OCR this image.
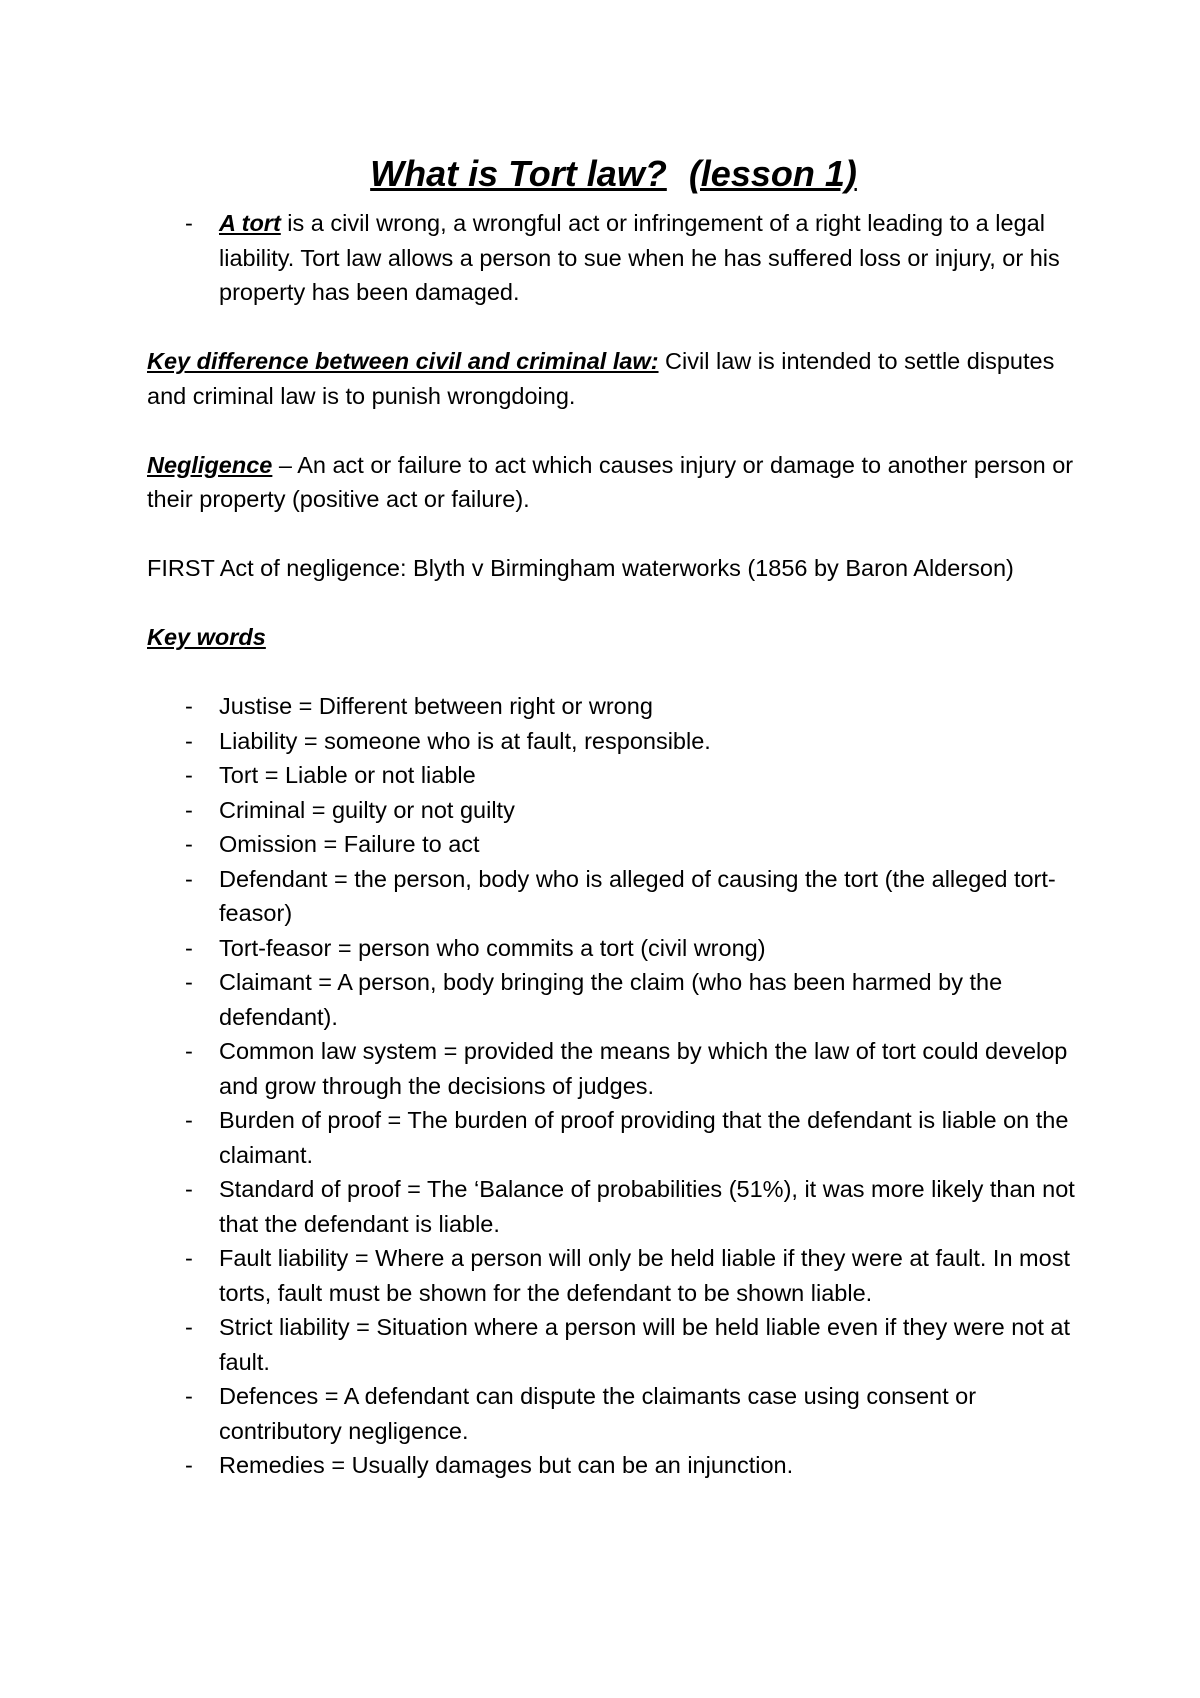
What is Tort law? (lesson 1)
- A tort is a civil wrong, a wrongful act or infringement of a right leading to a legal liability. Tort law allows a person to sue when he has suffered loss or injury, or his property has been damaged.

Key difference between civil and criminal law: Civil law is intended to settle disputes and criminal law is to punish wrongdoing.

Negligence – An act or failure to act which causes injury or damage to another person or their property (positive act or failure).

FIRST Act of negligence: Blyth v Birmingham waterworks (1856 by Baron Alderson)

Key words

- Justise = Different between right or wrong
- Liability = someone who is at fault, responsible.
- Tort = Liable or not liable
- Criminal = guilty or not guilty
- Omission = Failure to act
- Defendant = the person, body who is alleged of causing the tort (the alleged tort-feasor)
- Tort-feasor = person who commits a tort (civil wrong)
- Claimant = A person, body bringing the claim (who has been harmed by the defendant).
- Common law system = provided the means by which the law of tort could develop and grow through the decisions of judges.
- Burden of proof = The burden of proof providing that the defendant is liable on the claimant.
- Standard of proof = The ‘Balance of probabilities (51%), it was more likely than not that the defendant is liable.
- Fault liability = Where a person will only be held liable if they were at fault. In most torts, fault must be shown for the defendant to be shown liable.
- Strict liability = Situation where a person will be held liable even if they were not at fault.
- Defences = A defendant can dispute the claimants case using consent or contributory negligence.
- Remedies = Usually damages but can be an injunction.
